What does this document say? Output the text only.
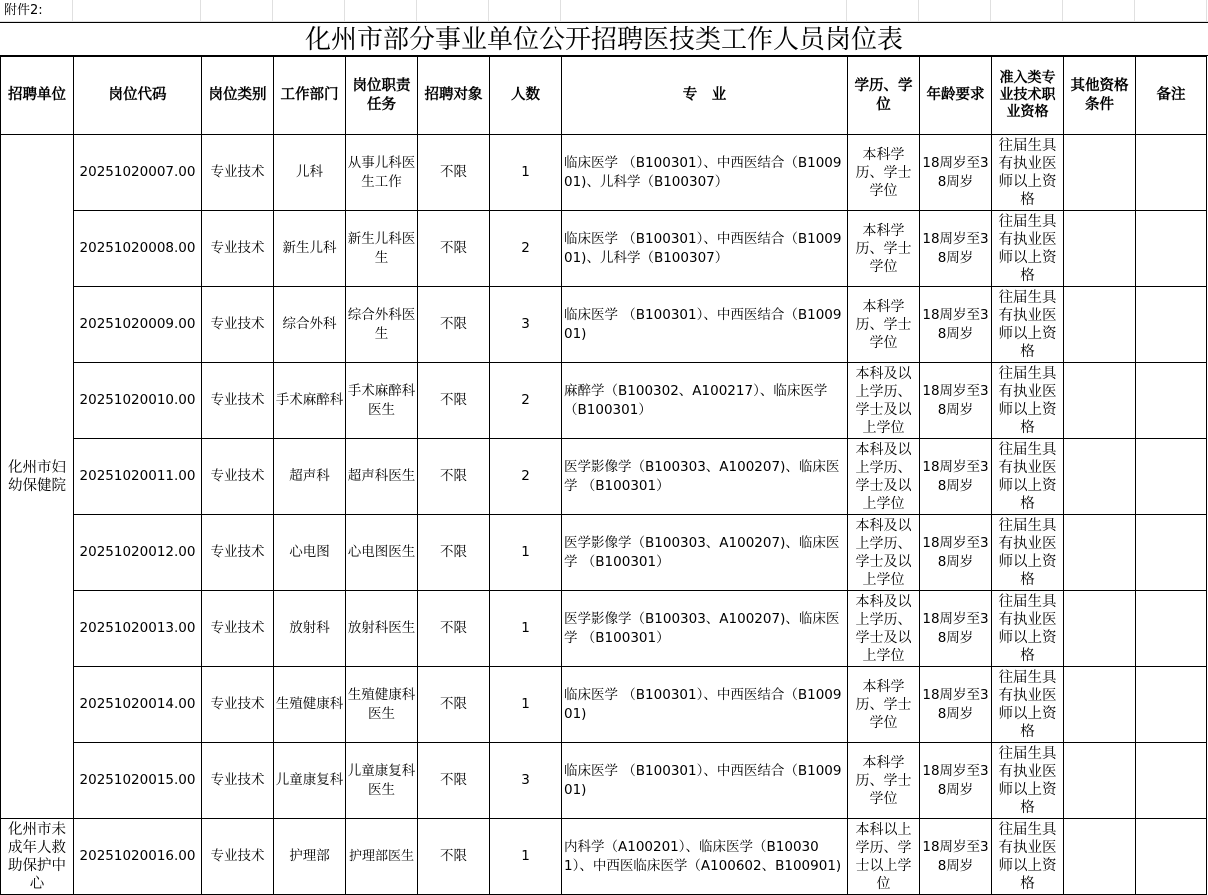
附件2:
化州市部分事业单位公开招聘医技类工作人员岗位表
招聘单位	岗位代码	岗位类别	工作部门	岗位职责任务	招聘对象	人数	专　业	学历、学位	年龄要求	准入类专业技术职业资格	其他资格条件	备注
化州市妇幼保健院	20251020007.00	专业技术	儿科	从事儿科医生工作	不限	1	临床医学 （B100301）、中西医结合（B100901)、儿科学（B100307）	本科学历、学士学位	18周岁至38周岁	往届生具有执业医师以上资格		
	20251020008.00	专业技术	新生儿科	新生儿科医生	不限	2	临床医学 （B100301）、中西医结合（B100901)、儿科学（B100307）	本科学历、学士学位	18周岁至38周岁	往届生具有执业医师以上资格		
	20251020009.00	专业技术	综合外科	综合外科医生	不限	3	临床医学 （B100301）、中西医结合（B100901)	本科学历、学士学位	18周岁至38周岁	往届生具有执业医师以上资格		
	20251020010.00	专业技术	手术麻醉科	手术麻醉科医生	不限	2	麻醉学（B100302、A100217）、临床医学（B100301）	本科及以上学历、学士及以上学位	18周岁至38周岁	往届生具有执业医师以上资格		
	20251020011.00	专业技术	超声科	超声科医生	不限	2	医学影像学（B100303、A100207)、临床医学 （B100301）	本科及以上学历、学士及以上学位	18周岁至38周岁	往届生具有执业医师以上资格		
	20251020012.00	专业技术	心电图	心电图医生	不限	1	医学影像学（B100303、A100207)、临床医学 （B100301）	本科及以上学历、学士及以上学位	18周岁至38周岁	往届生具有执业医师以上资格		
	20251020013.00	专业技术	放射科	放射科医生	不限	1	医学影像学（B100303、A100207)、临床医学 （B100301）	本科及以上学历、学士及以上学位	18周岁至38周岁	往届生具有执业医师以上资格		
	20251020014.00	专业技术	生殖健康科	生殖健康科医生	不限	1	临床医学 （B100301）、中西医结合（B100901)	本科学历、学士学位	18周岁至38周岁	往届生具有执业医师以上资格		
	20251020015.00	专业技术	儿童康复科	儿童康复科医生	不限	3	临床医学 （B100301）、中西医结合（B100901)	本科学历、学士学位	18周岁至38周岁	往届生具有执业医师以上资格		
化州市未成年人救助保护中心	20251020016.00	专业技术	护理部	护理部医生	不限	1	内科学（A100201）、临床医学（B100301）、中西医临床医学（A100602、B100901)	本科以上学历、学士以上学位	18周岁至38周岁	往届生具有执业医师以上资格		
